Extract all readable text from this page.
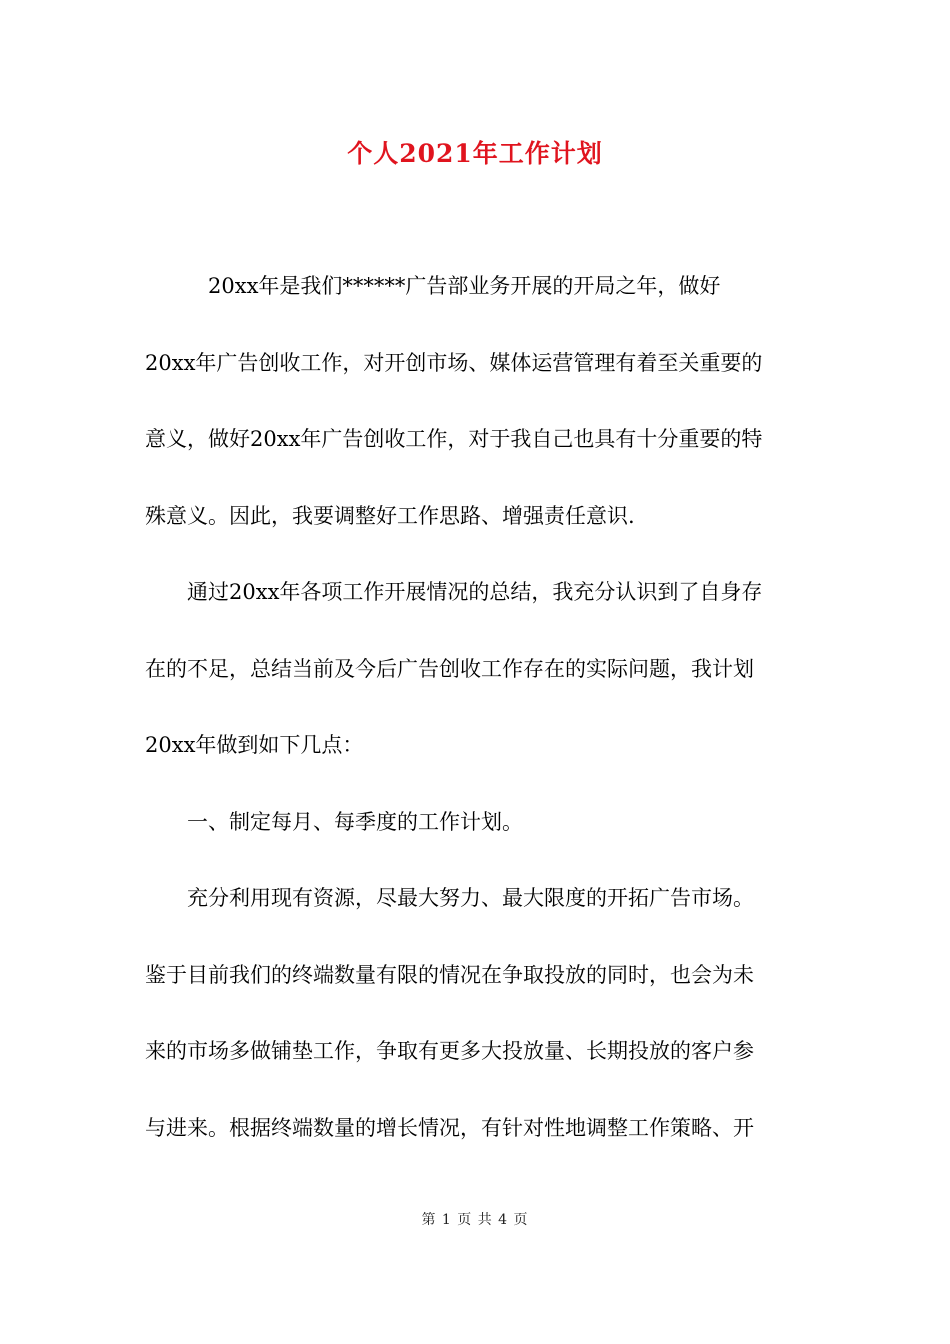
个人2021年工作计划
　　　20xx年是我们******广告部业务开展的开局之年，做好
20xx年广告创收工作，对开创市场、媒体运营管理有着至关重要的
意义，做好20xx年广告创收工作，对于我自己也具有十分重要的特
殊意义。因此，我要调整好工作思路、增强责任意识.
　　通过20xx年各项工作开展情况的总结，我充分认识到了自身存
在的不足，总结当前及今后广告创收工作存在的实际问题，我计划
20xx年做到如下几点：
　　一、制定每月、每季度的工作计划。
　　充分利用现有资源，尽最大努力、最大限度的开拓广告市场。
鉴于目前我们的终端数量有限的情况在争取投放的同时，也会为未
来的市场多做铺垫工作，争取有更多大投放量、长期投放的客户参
与进来。根据终端数量的增长情况，有针对性地调整工作策略、开
第 1 页 共 4 页
